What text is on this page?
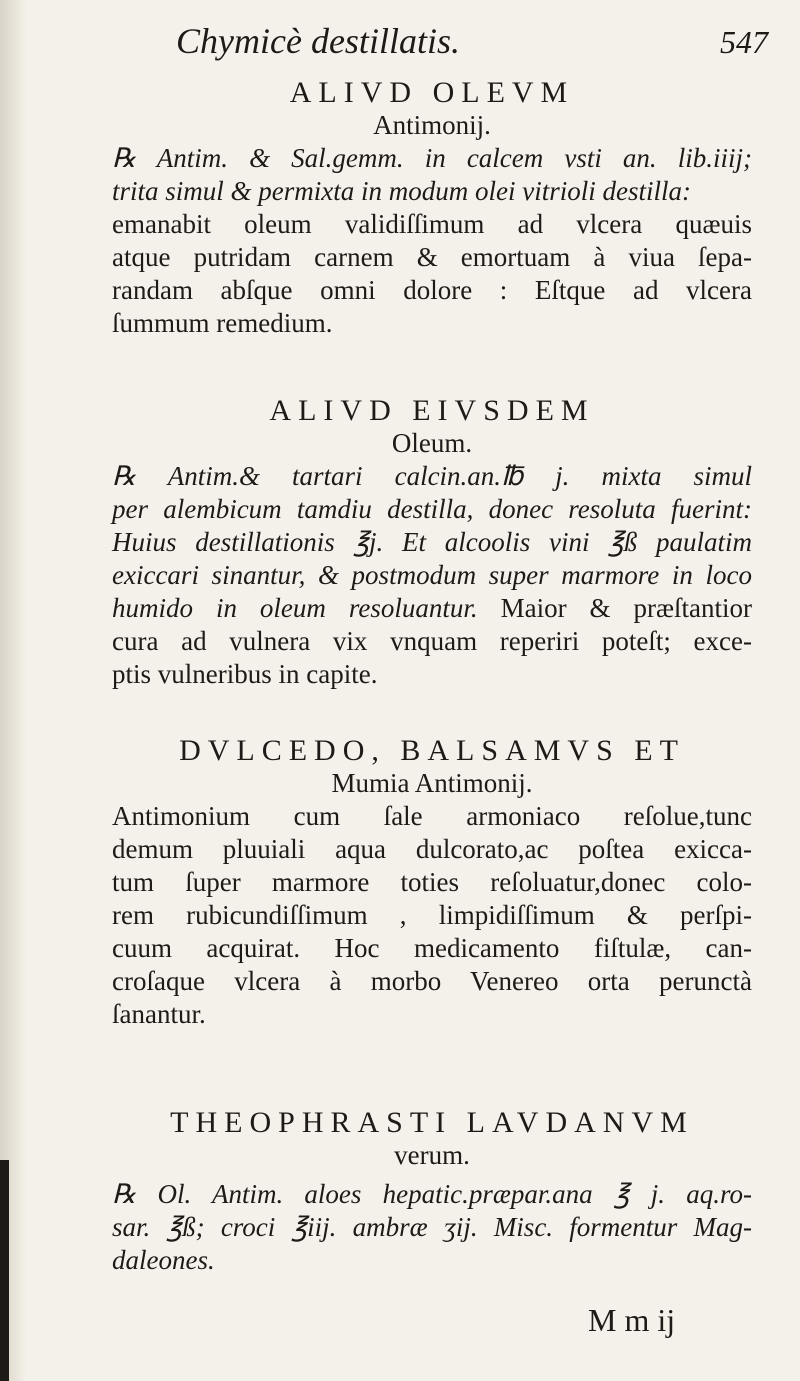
Chymicè destillatis.	547
ALIVD OLEVM
Antimonij.
℞ Antim. & Sal.gemm. in calcem vsti an. lib.iiij;
trita simul & permixta in modum olei vitrioli destilla:
emanabit oleum validiſſimum ad vlcera quæuis
atque putridam carnem & emortuam à viua ſepa-
randam abſque omni dolore : Eſtque ad vlcera
ſummum remedium.
ALIVD EIVSDEM
Oleum.
℞ Antim.& tartari calcin.an.℔ j. mixta simul
per alembicum tamdiu destilla, donec resoluta fuerint:
Huius destillationis ℥j. Et alcoolis vini ℥ß paulatim
exiccari sinantur, & postmodum super marmore in loco
humido in oleum resoluantur. Maior & præſtantior
cura ad vulnera vix vnquam reperiri poteſt; exce-
ptis vulneribus in capite.
DVLCEDO, BALSAMVS ET
Mumia Antimonij.
Antimonium cum ſale armoniaco reſolue,tunc
demum pluuiali aqua dulcorato,ac poſtea exicca-
tum ſuper marmore toties reſoluatur,donec colo-
rem rubicundiſſimum , limpidiſſimum & perſpi-
cuum acquirat. Hoc medicamento fiſtulæ, can-
croſaque vlcera à morbo Venereo orta perunctà
ſanantur.
THEOPHRASTI LAVDANVM
verum.
℞ Ol. Antim. aloes hepatic.præpar.ana ℥ j. aq.ro-
sar. ℥ß; croci ℥iij. ambræ ʒij. Misc. formentur Mag-
daleones.
M m ij
